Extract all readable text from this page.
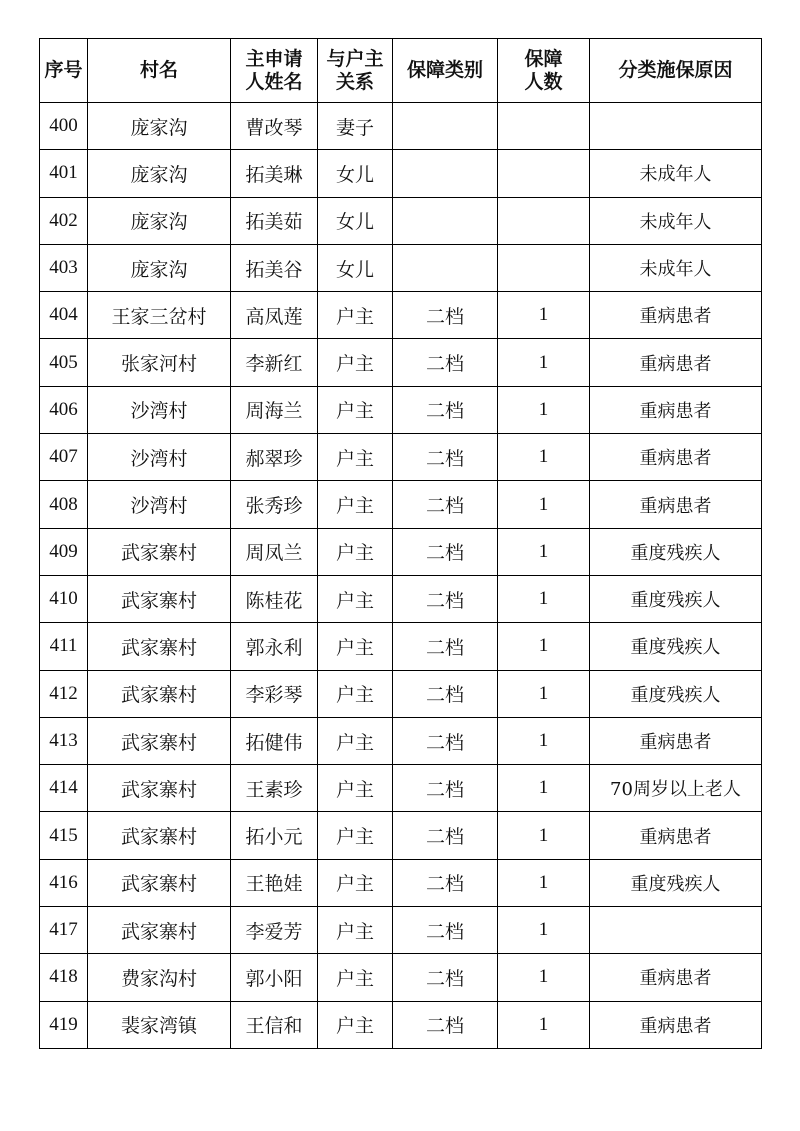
序号	村名	主申请人姓名	与户主关系	保障类别	保障人数	分类施保原因
400	庞家沟	曹改琴	妻子			
401	庞家沟	拓美琳	女儿			未成年人
402	庞家沟	拓美茹	女儿			未成年人
403	庞家沟	拓美谷	女儿			未成年人
404	王家三岔村	高凤莲	户主	二档	1	重病患者
405	张家河村	李新红	户主	二档	1	重病患者
406	沙湾村	周海兰	户主	二档	1	重病患者
407	沙湾村	郝翠珍	户主	二档	1	重病患者
408	沙湾村	张秀珍	户主	二档	1	重病患者
409	武家寨村	周凤兰	户主	二档	1	重度残疾人
410	武家寨村	陈桂花	户主	二档	1	重度残疾人
411	武家寨村	郭永利	户主	二档	1	重度残疾人
412	武家寨村	李彩琴	户主	二档	1	重度残疾人
413	武家寨村	拓健伟	户主	二档	1	重病患者
414	武家寨村	王素珍	户主	二档	1	70周岁以上老人
415	武家寨村	拓小元	户主	二档	1	重病患者
416	武家寨村	王艳娃	户主	二档	1	重度残疾人
417	武家寨村	李爱芳	户主	二档	1	
418	费家沟村	郭小阳	户主	二档	1	重病患者
419	裴家湾镇	王信和	户主	二档	1	重病患者
